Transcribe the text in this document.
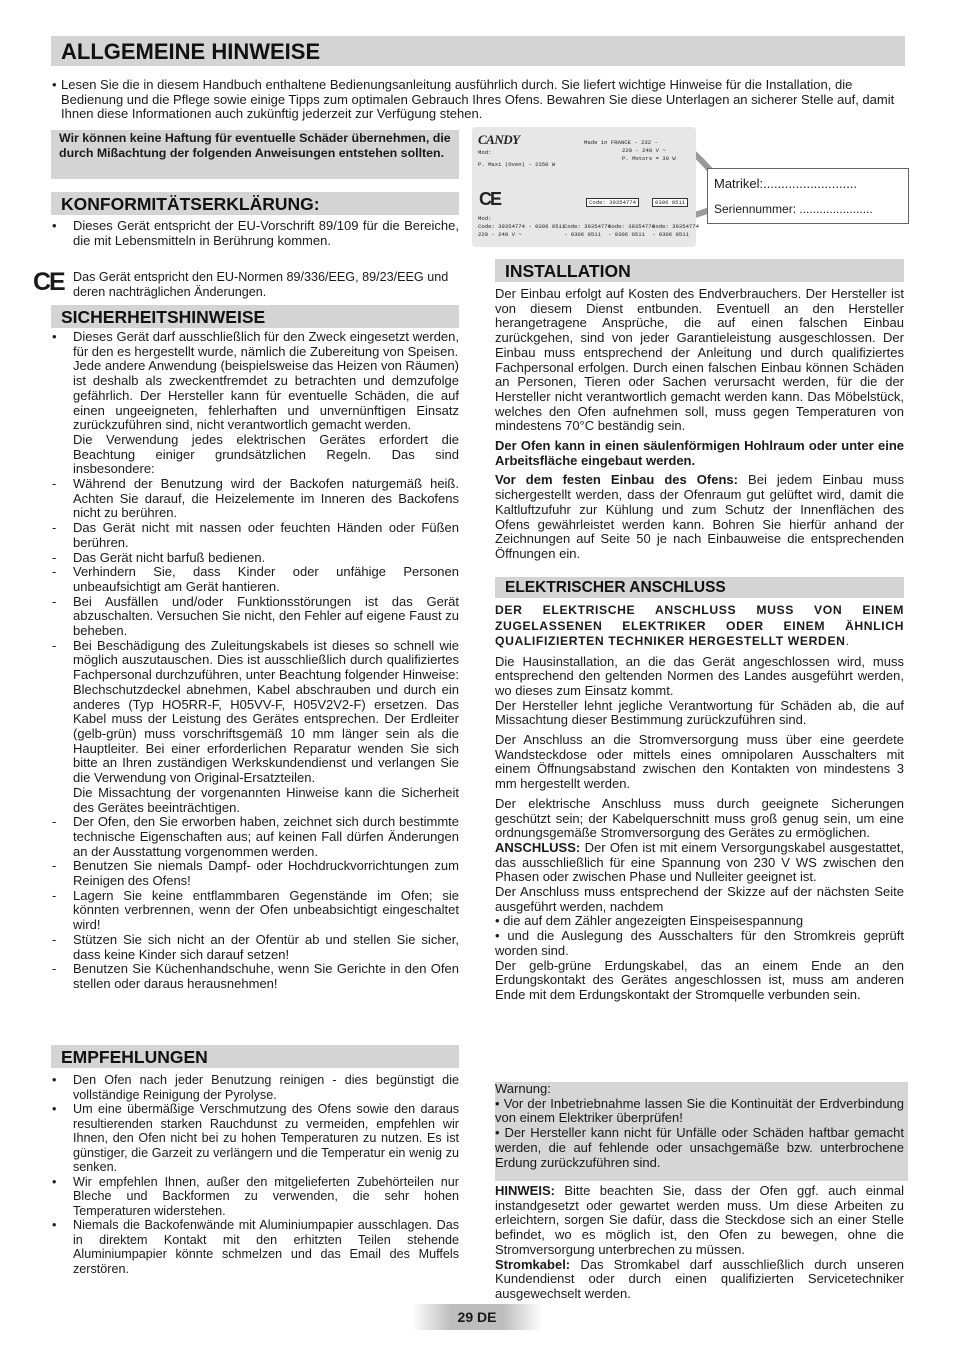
ALLGEMEINE HINWEISE
• Lesen Sie die in diesem Handbuch enthaltene Bedienungsanleitung ausführlich durch. Sie liefert wichtige Hinweise für die Installation, die Bedienung und die Pflege sowie einige Tipps zum optimalen Gebrauch Ihres Ofens. Bewahren Sie diese Unterlagen an sicherer Stelle auf, damit Ihnen diese Informationen auch zukünftig jederzeit zur Verfügung stehen.
Wir können keine Haftung für eventuelle Schäder übernehmen, die durch Mißachtung der folgenden Anweisungen entstehen sollten.
KONFORMITÄTSERKLÄRUNG:
• Dieses Gerät entspricht der EU-Vorschrift 89/109 für die Bereiche, die mit Lebensmitteln in Berührung kommen.
CE Das Gerät entspricht den EU-Normen 89/336/EEG, 89/23/EEG und deren nachträglichen Änderungen.
SICHERHEITSHINWEISE
• Dieses Gerät darf ausschließlich für den Zweck eingesetzt werden, für den es hergestellt wurde, nämlich die Zubereitung von Speisen.

Jede andere Anwendung (beispielsweise das Heizen von Räumen) ist deshalb als zweckentfremdet zu betrachten und demzufolge gefährlich. Der Hersteller kann für eventuelle Schäden, die auf einen ungeeigneten, fehlerhaften und unvernünftigen Einsatz zurückzuführen sind, nicht verantwortlich gemacht werden.

Die Verwendung jedes elektrischen Gerätes erfordert die Beachtung einiger grundsätzlichen Regeln. Das sind insbesondere:

- Während der Benutzung wird der Backofen naturgemäß heiß. Achten Sie darauf, die Heizelemente im Inneren des Backofens nicht zu berühren.
- Das Gerät nicht mit nassen oder feuchten Händen oder Füßen berühren.
- Das Gerät nicht barfuß bedienen.
- Verhindern Sie, dass Kinder oder unfähige Personen unbeaufsichtigt am Gerät hantieren.
- Bei Ausfällen und/oder Funktionsstörungen ist das Gerät abzuschalten. Versuchen Sie nicht, den Fehler auf eigene Faust zu beheben.
- Bei Beschädigung des Zuleitungskabels ist dieses so schnell wie möglich auszutauschen. Dies ist ausschließlich durch qualifiziertes Fachpersonal durchzuführen, unter Beachtung folgender Hinweise: Blechschutzdeckel abnehmen, Kabel abschrauben und durch ein anderes (Typ HO5RR-F, H05VV-F, H05V2V2-F) ersetzen. Das Kabel muss der Leistung des Gerätes entsprechen. Der Erdleiter (gelb-grün) muss vorschriftsgemäß 10 mm länger sein als die Hauptleiter. Bei einer erforderlichen Reparatur wenden Sie sich bitte an Ihren zuständigen Werkskundendienst und verlangen Sie die Verwendung von Original-Ersatzteilen.

Die Missachtung der vorgenannten Hinweise kann die Sicherheit des Gerätes beeinträchtigen.

- Der Ofen, den Sie erworben haben, zeichnet sich durch bestimmte technische Eigenschaften aus; auf keinen Fall dürfen Änderungen an der Ausstattung vorgenommen werden.
- Benutzen Sie niemals Dampf- oder Hochdruckvorrichtungen zum Reinigen des Ofens!
- Lagern Sie keine entflammbaren Gegenstände im Ofen; sie könnten verbrennen, wenn der Ofen unbeabsichtigt eingeschaltet wird!
- Stützen Sie sich nicht an der Ofentür ab und stellen Sie sicher, dass keine Kinder sich darauf setzen!
- Benutzen Sie Küchenhandschuhe, wenn Sie Gerichte in den Ofen stellen oder daraus herausnehmen!
EMPFEHLUNGEN
• Den Ofen nach jeder Benutzung reinigen - dies begünstigt die vollständige Reinigung der Pyrolyse.
• Um eine übermäßige Verschmutzung des Ofens sowie den daraus resultierenden starken Rauchdunst zu vermeiden, empfehlen wir Ihnen, den Ofen nicht bei zu hohen Temperaturen zu nutzen. Es ist günstiger, die Garzeit zu verlängern und die Temperatur ein wenig zu senken.
• Wir empfehlen Ihnen, außer den mitgelieferten Zubehörteilen nur Bleche und Backformen zu verwenden, die sehr hohen Temperaturen widerstehen.
• Niemals die Backofenwände mit Aluminiumpapier ausschlagen. Das in direktem Kontakt mit den erhitzten Teilen stehende Aluminiumpapier könnte schmelzen und das Email des Muffels zerstören.
CANDY	Made in FRANCE - 232 -
Mod:	220 - 240 V ~
P. Maxi (Oven) - 2350 W
P. Motors = 30 W
CE	Code: 39354774	0306 0511
Mod:
Code: 39354774 - 0306 0511
220 - 240 V ~
Code: 39354774
- 0306 0511
Code: 39354774
- 0306 0511
Code: 39354774
- 0306 0511
Matrikel:..........................
Seriennummer: ......................
INSTALLATION

Der Einbau erfolgt auf Kosten des Endverbrauchers. Der Hersteller ist von diesem Dienst entbunden. Eventuell an den Hersteller herangetragene Ansprüche, die auf einen falschen Einbau zurückgehen, sind von jeder Garantieleistung ausgeschlossen. Der Einbau muss entsprechend der Anleitung und durch qualifiziertes Fachpersonal erfolgen. Durch einen falschen Einbau können Schäden an Personen, Tieren oder Sachen verursacht werden, für die der Hersteller nicht verantwortlich gemacht werden kann. Das Möbelstück, welches den Ofen aufnehmen soll, muss gegen Temperaturen von mindestens 70°C beständig sein.

Der Ofen kann in einen säulenförmigen Hohlraum oder unter eine Arbeitsfläche eingebaut werden.

Vor dem festen Einbau des Ofens: Bei jedem Einbau muss sichergestellt werden, dass der Ofenraum gut gelüftet wird, damit die Kaltluftzufuhr zur Kühlung und zum Schutz der Innenflächen des Ofens gewährleistet werden kann. Bohren Sie hierfür anhand der Zeichnungen auf Seite 50 je nach Einbauweise die entsprechenden Öffnungen ein.

ELEKTRISCHER ANSCHLUSS

DER ELEKTRISCHE ANSCHLUSS MUSS VON EINEM ZUGELASSENEN ELEKTRIKER ODER EINEM ÄHNLICH QUALIFIZIERTEN TECHNIKER HERGESTELLT WERDEN.

Die Hausinstallation, an die das Gerät angeschlossen wird, muss entsprechend den geltenden Normen des Landes ausgeführt werden, wo dieses zum Einsatz kommt.

Der Hersteller lehnt jegliche Verantwortung für Schäden ab, die auf Missachtung dieser Bestimmung zurückzuführen sind.

Der Anschluss an die Stromversorgung muss über eine geerdete Wandsteckdose oder mittels eines omnipolaren Ausschalters mit einem Öffnungsabstand zwischen den Kontakten von mindestens 3 mm hergestellt werden.

Der elektrische Anschluss muss durch geeignete Sicherungen geschützt sein; der Kabelquerschnitt muss groß genug sein, um eine ordnungsgemäße Stromversorgung des Gerätes zu ermöglichen.

ANSCHLUSS: Der Ofen ist mit einem Versorgungskabel ausgestattet, das ausschließlich für eine Spannung von 230 V WS zwischen den Phasen oder zwischen Phase und Nulleiter geeignet ist.

Der Anschluss muss entsprechend der Skizze auf der nächsten Seite ausgeführt werden, nachdem

• die auf dem Zähler angezeigten Einspeisespannung

• und die Auslegung des Ausschalters für den Stromkreis geprüft worden sind.

Der gelb-grüne Erdungskabel, das an einem Ende an den Erdungskontakt des Gerätes angeschlossen ist, muss am anderen Ende mit dem Erdungskontakt der Stromquelle verbunden sein.

Warnung:

• Vor der Inbetriebnahme lassen Sie die Kontinuität der Erdverbindung von einem Elektriker überprüfen!

• Der Hersteller kann nicht für Unfälle oder Schäden haftbar gemacht werden, die auf fehlende oder unsachgemäße bzw. unterbrochene Erdung zurückzuführen sind.

HINWEIS: Bitte beachten Sie, dass der Ofen ggf. auch einmal instandgesetzt oder gewartet werden muss. Um diese Arbeiten zu erleichtern, sorgen Sie dafür, dass die Steckdose sich an einer Stelle befindet, wo es möglich ist, den Ofen zu bewegen, ohne die Stromversorgung unterbrechen zu müssen.

Stromkabel: Das Stromkabel darf ausschließlich durch unseren Kundendienst oder durch einen qualifizierten Servicetechniker ausgewechselt werden.

29 DE
